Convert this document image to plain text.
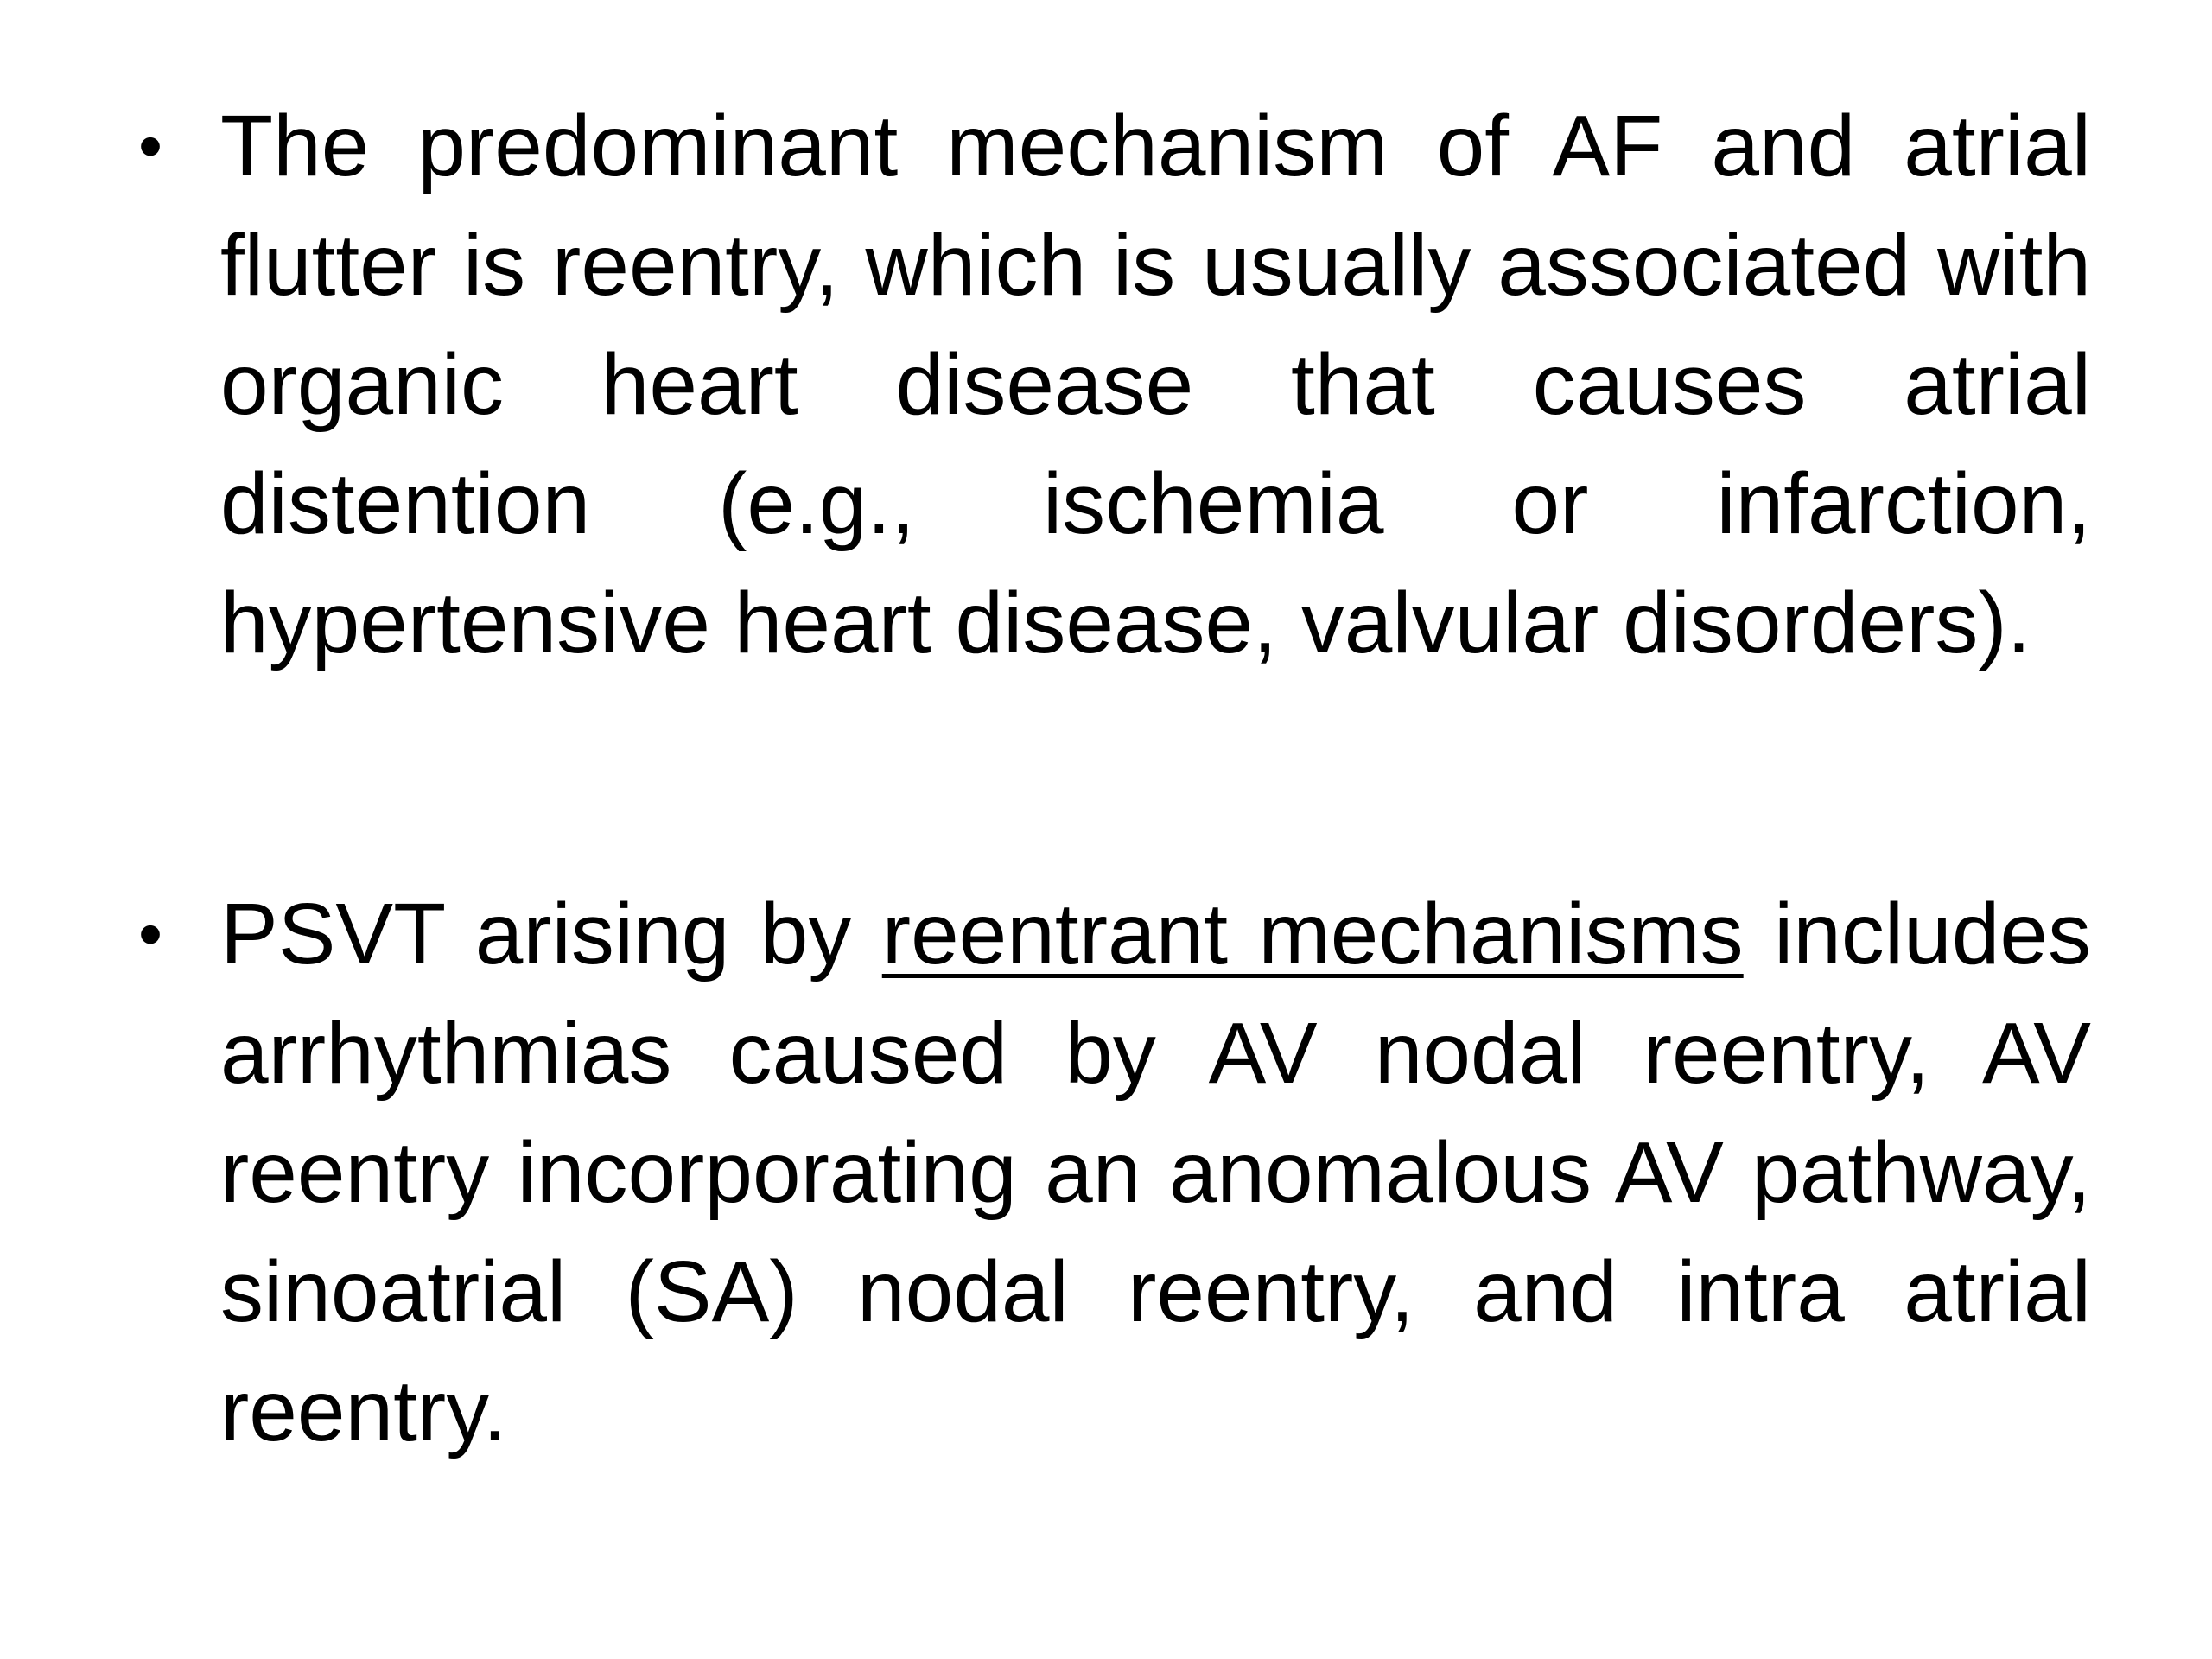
• The predominant mechanism of AF and atrial flutter is reentry, which is usually associated with organic heart disease that causes atrial distention (e.g., ischemia or infarction, hypertensive heart disease, valvular disorders).
• PSVT arising by reentrant mechanisms includes arrhythmias caused by AV nodal reentry, AV reentry incorporating an anomalous AV pathway, sinoatrial (SA) nodal reentry, and intra atrial reentry.
